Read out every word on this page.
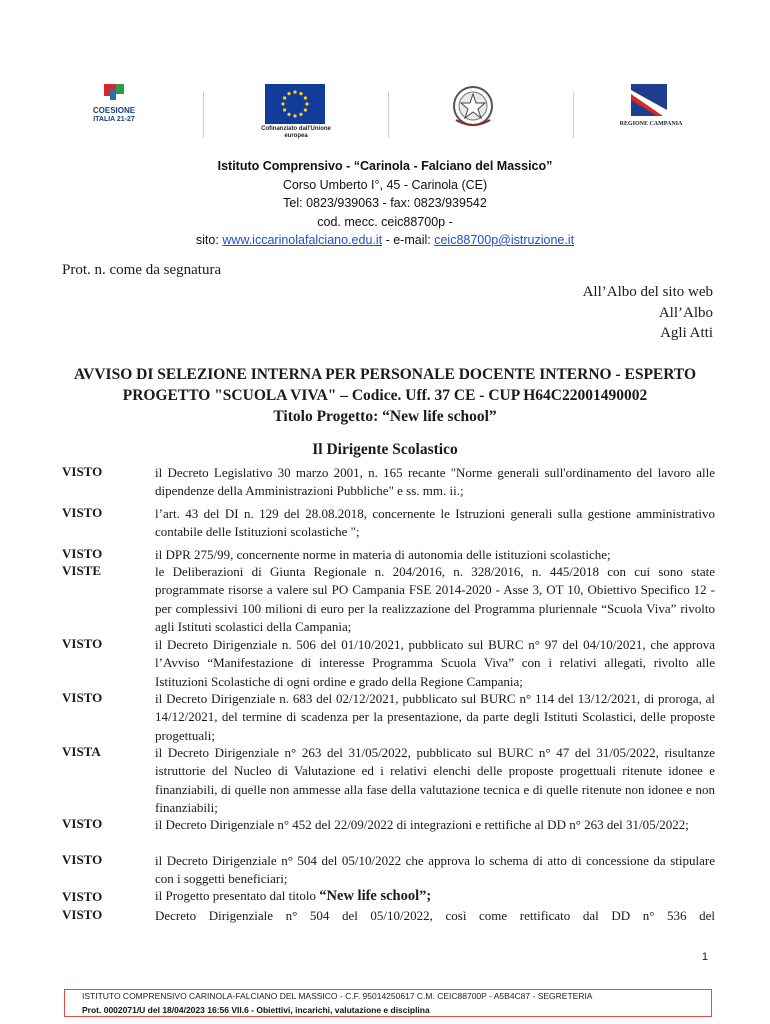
COESIONE
ITALIA 21-27
Cofinanziato dall'Unione europea
REGIONE CAMPANIA
Istituto Comprensivo - “Carinola - Falciano del Massico”
Corso Umberto I°, 45 - Carinola (CE)
Tel: 0823/939063 - fax: 0823/939542
cod. mecc. ceic88700p -
sito: www.iccarinolafalciano.edu.it - e-mail: ceic88700p@istruzione.it
Prot. n. come da segnatura
All’Albo del sito web
All’Albo
Agli Atti
AVVISO DI SELEZIONE INTERNA PER PERSONALE DOCENTE INTERNO - ESPERTO
PROGETTO "SCUOLA VIVA" – Codice. Uff. 37 CE - CUP H64C22001490002
Titolo Progetto: “New life school”
Il Dirigente Scolastico
VISTO	il Decreto Legislativo 30 marzo 2001, n. 165 recante "Norme generali sull'ordinamento del lavoro alle dipendenze della Amministrazioni Pubbliche" e ss. mm. ii.;
VISTO	l’art. 43 del DI n. 129 del 28.08.2018, concernente le Istruzioni generali sulla gestione amministrativo contabile delle Istituzioni scolastiche ";
VISTO	il DPR 275/99, concernente norme in materia di autonomia delle istituzioni scolastiche;
VISTE	le Deliberazioni di Giunta Regionale n. 204/2016, n. 328/2016, n. 445/2018 con cui sono state programmate risorse a valere sul PO Campania FSE 2014-2020 - Asse 3, OT 10, Obiettivo Specifico 12 - per complessivi 100 milioni di euro per la realizzazione del Programma pluriennale “Scuola Viva” rivolto agli Istituti scolastici della Campania;
VISTO	il Decreto Dirigenziale n. 506 del 01/10/2021, pubblicato sul BURC n° 97 del 04/10/2021, che approva l’Avviso “Manifestazione di interesse Programma Scuola Viva” con i relativi allegati, rivolto alle Istituzioni Scolastiche di ogni ordine e grado della Regione Campania;
VISTO	il Decreto Dirigenziale n. 683 del 02/12/2021, pubblicato sul BURC n° 114 del 13/12/2021, di proroga, al 14/12/2021, del termine di scadenza per la presentazione, da parte degli Istituti Scolastici, delle proposte progettuali;
VISTA	il Decreto Dirigenziale n° 263 del 31/05/2022, pubblicato sul BURC n° 47 del 31/05/2022, risultanze istruttorie del Nucleo di Valutazione ed i relativi elenchi delle proposte progettuali ritenute idonee e finanziabili, di quelle non ammesse alla fase della valutazione tecnica e di quelle ritenute non idonee e non finanziabili;
VISTO	il Decreto Dirigenziale n° 452 del 22/09/2022 di integrazioni e rettifiche al DD n° 263 del 31/05/2022;
VISTO	il Decreto Dirigenziale n° 504 del 05/10/2022 che approva lo schema di atto di concessione da stipulare con i soggetti beneficiari;
VISTO	il Progetto presentato dal titolo “New life school”;
VISTO	Decreto Dirigenziale n° 504 del 05/10/2022, così come rettificato dal DD n° 536 del
1
ISTITUTO COMPRENSIVO CARINOLA-FALCIANO DEL MASSICO - C.F. 95014250617 C.M. CEIC88700P - A5B4C87 - SEGRETERIA
Prot. 0002071/U del 18/04/2023 16:56 VII.6 - Obiettivi, incarichi, valutazione e disciplina
